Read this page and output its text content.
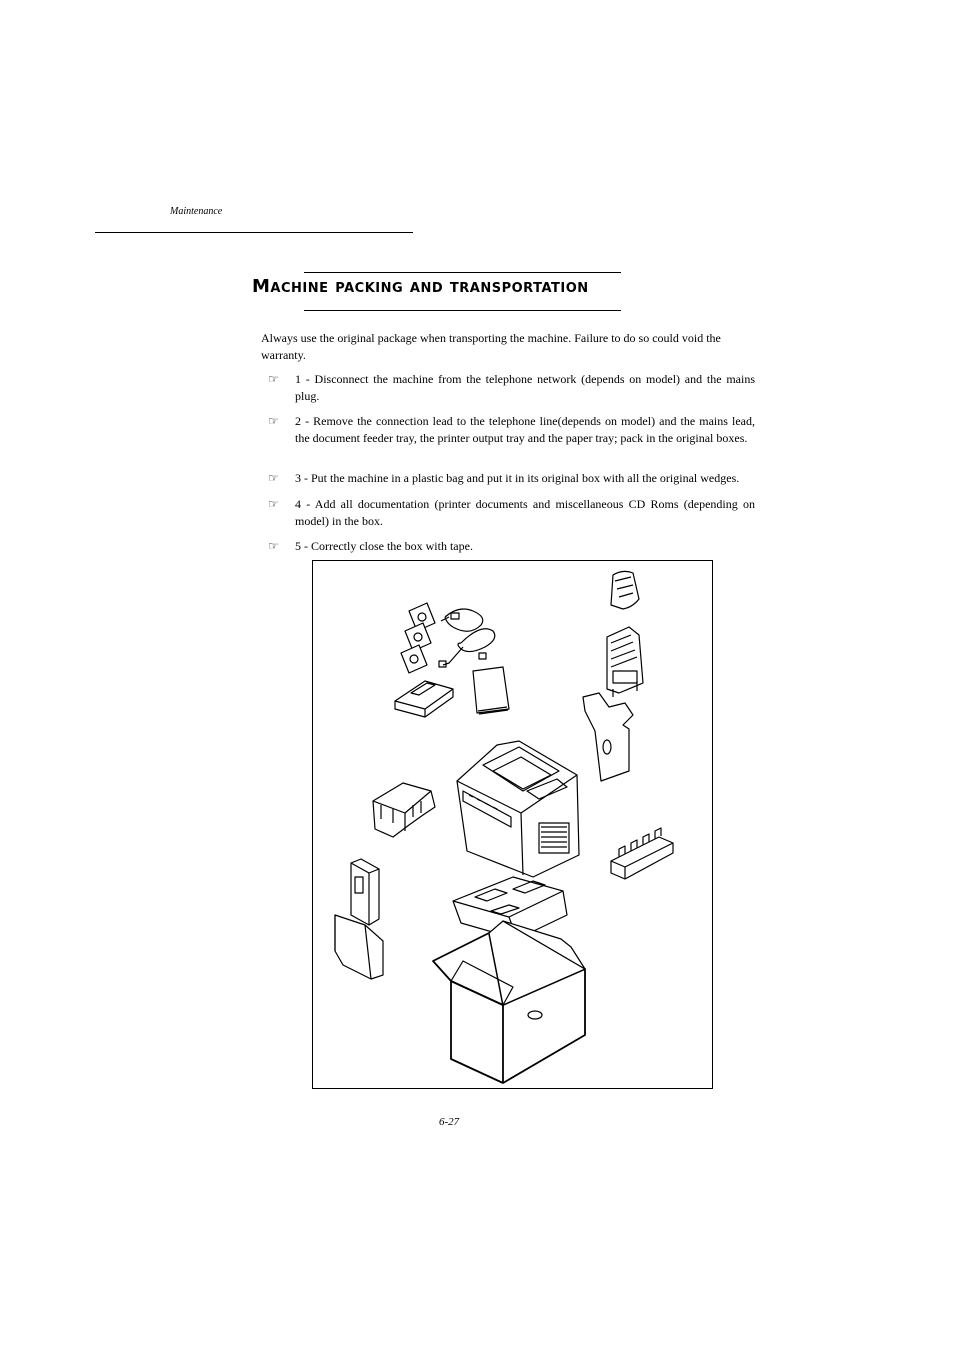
Maintenance
Machine packing and transportation
Always use the original package when transporting the machine. Failure to do so could void the warranty.
☞	1 - Disconnect the machine from the telephone network (depends on model) and the mains plug.
☞	2 - Remove the connection lead to the telephone line(depends on model) and the mains lead, the document feeder tray, the printer output tray and the paper tray; pack in the original boxes.
☞	3 - Put the machine in a plastic bag and put it in its original box with all the original wedges.
☞	4 - Add all documentation (printer documents and miscellaneous CD Roms (depending on model) in the box.
☞	5 - Correctly close the box with tape.
6-27
